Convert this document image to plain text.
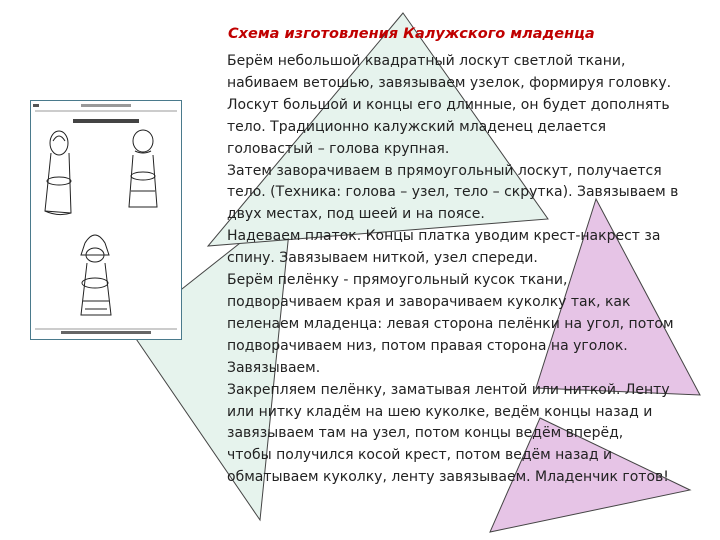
Схема изготовления Калужского младенца

Берём небольшой квадратный лоскут светлой ткани,
набиваем ветошью, завязываем узелок, формируя головку.
Лоскут большой и концы его длинные, он будет дополнять
тело. Традиционно калужский младенец делается
головастый – голова крупная.
Затем заворачиваем в прямоугольный лоскут, получается
тело. (Техника: голова – узел, тело – скрутка). Завязываем в
двух местах, под шеей и на поясе.
Надеваем платок. Концы платка уводим крест-накрест за
спину. Завязываем ниткой, узел спереди.
Берём пелёнку - прямоугольный кусок ткани,
подворачиваем края и заворачиваем куколку так, как
пеленаем младенца: левая сторона пелёнки на угол, потом
подворачиваем низ, потом правая сторона на уголок.
Завязываем.
Закрепляем пелёнку, заматывая лентой или ниткой. Ленту
или нитку кладём на шею куколке, ведём концы назад и
завязываем там на узел, потом концы ведём вперёд,
чтобы получился косой крест, потом ведём назад и
обматываем куколку, ленту завязываем. Младенчик готов!
